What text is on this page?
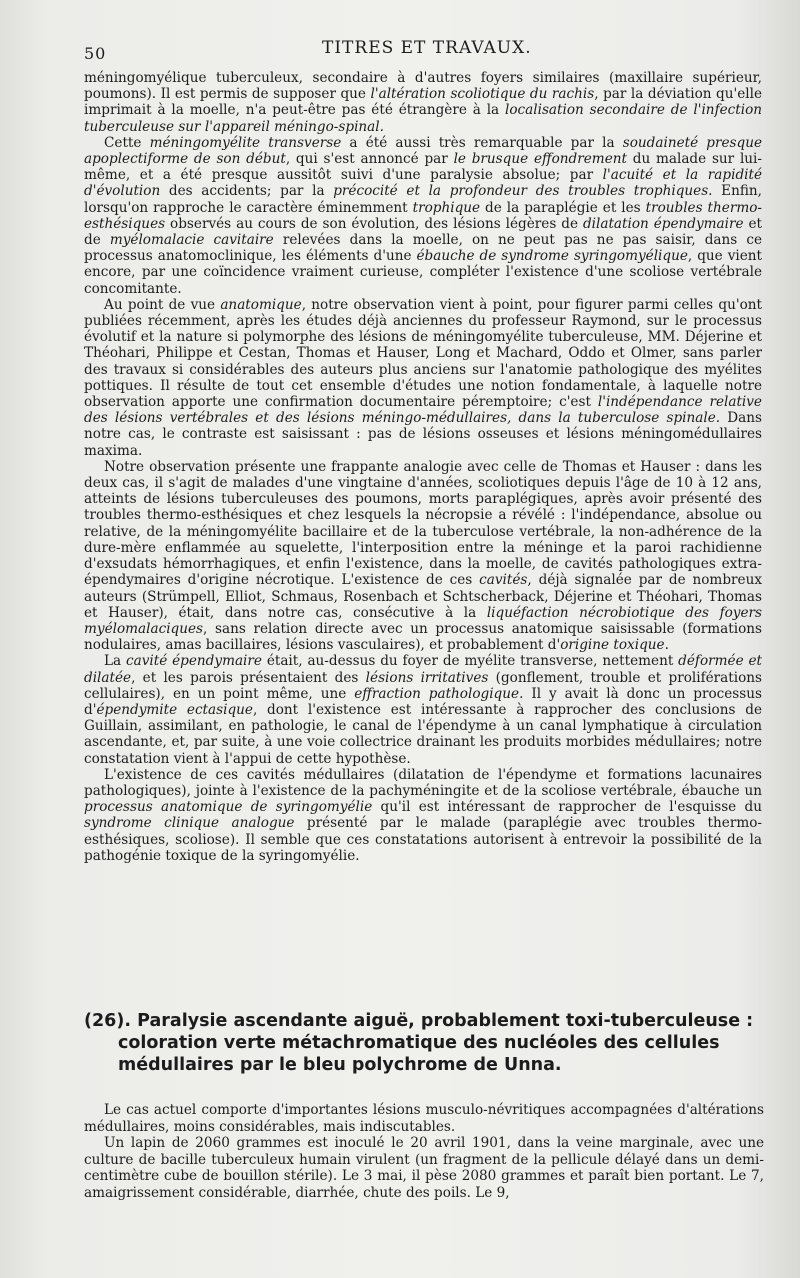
50	TITRES ET TRAVAUX.

méningomyélique tuberculeux, secondaire à d'autres foyers similaires (maxillaire supérieur, poumons). Il est permis de supposer que l'altération scoliotique du rachis, par la déviation qu'elle imprimait à la moelle, n'a peut-être pas été étrangère à la localisation secondaire de l'infection tuberculeuse sur l'appareil méningo-spinal.

Cette méningomyélite transverse a été aussi très remarquable par la soudaineté presque apoplectiforme de son début, qui s'est annoncé par le brusque effondrement du malade sur lui-même, et a été presque aussitôt suivi d'une paralysie absolue; par l'acuité et la rapidité d'évolution des accidents; par la précocité et la profondeur des troubles trophiques. Enfin, lorsqu'on rapproche le caractère éminemment trophique de la paraplégie et les troubles thermo-esthésiques observés au cours de son évolution, des lésions légères de dilatation épendymaire et de myélomalacie cavitaire relevées dans la moelle, on ne peut pas ne pas saisir, dans ce processus anatomoclinique, les éléments d'une ébauche de syndrome syringomyélique, que vient encore, par une coïncidence vraiment curieuse, compléter l'existence d'une scoliose vertébrale concomitante.

Au point de vue anatomique, notre observation vient à point, pour figurer parmi celles qu'ont publiées récemment, après les études déjà anciennes du professeur Raymond, sur le processus évolutif et la nature si polymorphe des lésions de méningomyélite tuberculeuse, MM. Déjerine et Théohari, Philippe et Cestan, Thomas et Hauser, Long et Machard, Oddo et Olmer, sans parler des travaux si considérables des auteurs plus anciens sur l'anatomie pathologique des myélites pottiques. Il résulte de tout cet ensemble d'études une notion fondamentale, à laquelle notre observation apporte une confirmation documentaire péremptoire; c'est l'indépendance relative des lésions vertébrales et des lésions méningo-médullaires, dans la tuberculose spinale. Dans notre cas, le contraste est saisissant : pas de lésions osseuses et lésions méningomédullaires maxima.

Notre observation présente une frappante analogie avec celle de Thomas et Hauser : dans les deux cas, il s'agit de malades d'une vingtaine d'années, scoliotiques depuis l'âge de 10 à 12 ans, atteints de lésions tuberculeuses des poumons, morts paraplégiques, après avoir présenté des troubles thermo-esthésiques et chez lesquels la nécropsie a révélé : l'indépendance, absolue ou relative, de la méningomyélite bacillaire et de la tuberculose vertébrale, la non-adhérence de la dure-mère enflammée au squelette, l'interposition entre la méninge et la paroi rachidienne d'exsudats hémorrhagiques, et enfin l'existence, dans la moelle, de cavités pathologiques extra-épendymaires d'origine nécrotique. L'existence de ces cavités, déjà signalée par de nombreux auteurs (Strümpell, Elliot, Schmaus, Rosenbach et Schtscherback, Déjerine et Théohari, Thomas et Hauser), était, dans notre cas, consécutive à la liquéfaction nécrobiotique des foyers myélomalaciques, sans relation directe avec un processus anatomique saisissable (formations nodulaires, amas bacillaires, lésions vasculaires), et probablement d'origine toxique.

La cavité épendymaire était, au-dessus du foyer de myélite transverse, nettement déformée et dilatée, et les parois présentaient des lésions irritatives (gonflement, trouble et proliférations cellulaires), en un point même, une effraction pathologique. Il y avait là donc un processus d'épendymite ectasique, dont l'existence est intéressante à rapprocher des conclusions de Guillain, assimilant, en pathologie, le canal de l'épendyme à un canal lymphatique à circulation ascendante, et, par suite, à une voie collectrice drainant les produits morbides médullaires; notre constatation vient à l'appui de cette hypothèse.

L'existence de ces cavités médullaires (dilatation de l'épendyme et formations lacunaires pathologiques), jointe à l'existence de la pachyméningite et de la scoliose vertébrale, ébauche un processus anatomique de syringomyélie qu'il est intéressant de rapprocher de l'esquisse du syndrome clinique analogue présenté par le malade (paraplégie avec troubles thermo-esthésiques, scoliose). Il semble que ces constatations autorisent à entrevoir la possibilité de la pathogénie toxique de la syringomyélie.

(26). Paralysie ascendante aiguë, probablement toxi-tuberculeuse : coloration verte métachromatique des nucléoles des cellules médullaires par le bleu polychrome de Unna.

Le cas actuel comporte d'importantes lésions musculo-névritiques accompagnées d'altérations médullaires, moins considérables, mais indiscutables.

Un lapin de 2060 grammes est inoculé le 20 avril 1901, dans la veine marginale, avec une culture de bacille tuberculeux humain virulent (un fragment de la pellicule délayé dans un demi-centimètre cube de bouillon stérile). Le 3 mai, il pèse 2080 grammes et paraît bien portant. Le 7, amaigrissement considérable, diarrhée, chute des poils. Le 9,
